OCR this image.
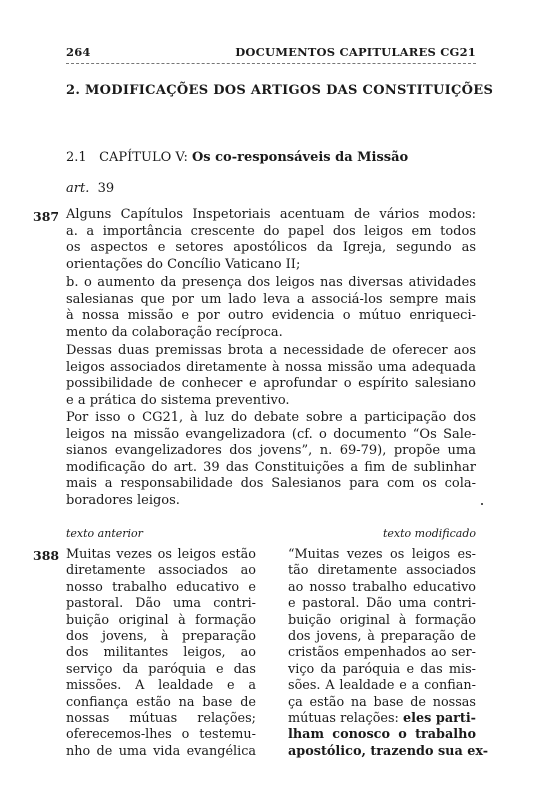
264	DOCUMENTOS CAPITULARES CG21
2. MODIFICAÇÕES DOS ARTIGOS DAS CONSTITUIÇÕES
2.1 CAPÍTULO V: Os co-responsáveis da Missão
art. 39
387 Alguns Capítulos Inspetoriais acentuam de vários modos:
a. a importância crescente do papel dos leigos em todos
os aspectos e setores apostólicos da Igreja, segundo as
orientações do Concílio Vaticano II;
b. o aumento da presença dos leigos nas diversas atividades
salesianas que por um lado leva a associá-los sempre mais
à nossa missão e por outro evidencia o mútuo enriqueci-
mento da colaboração recíproca.
Dessas duas premissas brota a necessidade de oferecer aos
leigos associados diretamente à nossa missão uma adequada
possibilidade de conhecer e aprofundar o espírito salesiano
e a prática do sistema preventivo.
Por isso o CG21, à luz do debate sobre a participação dos
leigos na missão evangelizadora (cf. o documento “Os Sale-
sianos evangelizadores dos jovens”, n. 69-79), propõe uma
modificação do art. 39 das Constituições a fim de sublinhar
mais a responsabilidade dos Salesianos para com os cola-
boradores leigos.
texto anterior	texto modificado
388 Muitas vezes os leigos estão
diretamente associados ao
nosso trabalho educativo e
pastoral. Dão uma contri-
buição original à formação
dos jovens, à preparação
dos militantes leigos, ao
serviço da paróquia e das
missões. A lealdade e a
confiança estão na base de
nossas mútuas relações;
oferecemos-lhes o testemu-
nho de uma vida evangélica
“Muitas vezes os leigos es-
tão diretamente associados
ao nosso trabalho educativo
e pastoral. Dão uma contri-
buição original à formação
dos jovens, à preparação de
cristãos empenhados ao ser-
viço da paróquia e das mis-
sões. A lealdade e a confian-
ça estão na base de nossas
mútuas relações: eles parti-
lham conosco o trabalho
apostólico, trazendo sua ex-
